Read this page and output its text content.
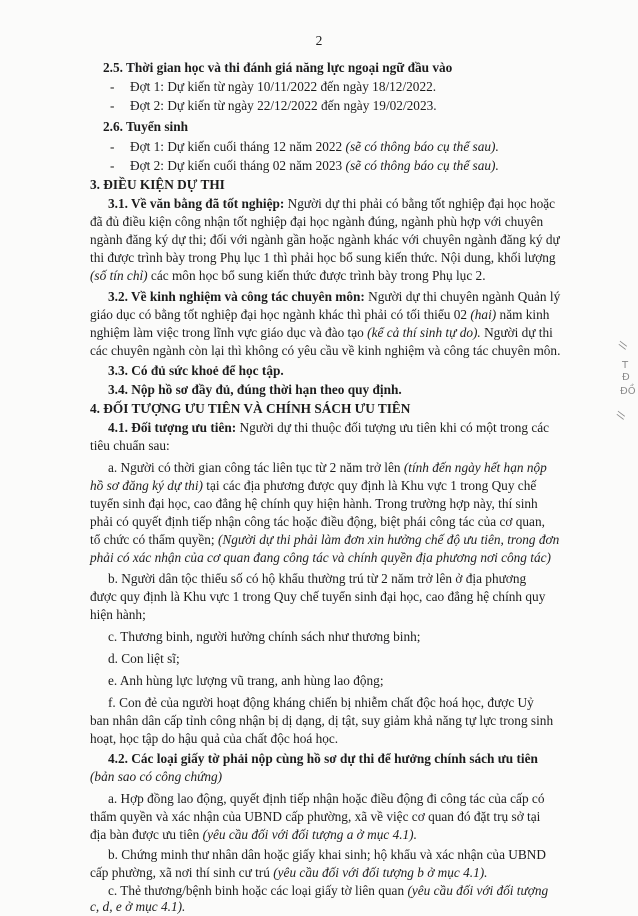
2
//
T
Đ
ĐỒ
//
2.5. Thời gian học và thi đánh giá năng lực ngoại ngữ đầu vào
- Đợt 1: Dự kiến từ ngày 10/11/2022 đến ngày 18/12/2022.
- Đợt 2: Dự kiến từ ngày 22/12/2022 đến ngày 19/02/2023.
2.6. Tuyển sinh
- Đợt 1: Dự kiến cuối tháng 12 năm 2022 (sẽ có thông báo cụ thể sau).
- Đợt 2: Dự kiến cuối tháng 02 năm 2023 (sẽ có thông báo cụ thể sau).
3. ĐIỀU KIỆN DỰ THI
3.1. Về văn bằng đã tốt nghiệp: Người dự thi phải có bằng tốt nghiệp đại học hoặc
đã đủ điều kiện công nhận tốt nghiệp đại học ngành đúng, ngành phù hợp với chuyên
ngành đăng ký dự thi; đối với ngành gần hoặc ngành khác với chuyên ngành đăng ký dự
thi được trình bày trong Phụ lục 1 thì phải học bổ sung kiến thức. Nội dung, khối lượng
(số tín chỉ) các môn học bổ sung kiến thức được trình bày trong Phụ lục 2.
3.2. Về kinh nghiệm và công tác chuyên môn: Người dự thi chuyên ngành Quản lý
giáo dục có bằng tốt nghiệp đại học ngành khác thì phải có tối thiểu 02 (hai) năm kinh
nghiệm làm việc trong lĩnh vực giáo dục và đào tạo (kể cả thí sinh tự do). Người dự thi
các chuyên ngành còn lại thì không có yêu cầu về kinh nghiệm và công tác chuyên môn.
3.3. Có đủ sức khoẻ để học tập.
3.4. Nộp hồ sơ đầy đủ, đúng thời hạn theo quy định.
4. ĐỐI TƯỢNG ƯU TIÊN VÀ CHÍNH SÁCH ƯU TIÊN
4.1. Đối tượng ưu tiên: Người dự thi thuộc đối tượng ưu tiên khi có một trong các
tiêu chuẩn sau:
a. Người có thời gian công tác liên tục từ 2 năm trở lên (tính đến ngày hết hạn nộp
hồ sơ đăng ký dự thi) tại các địa phương được quy định là Khu vực 1 trong Quy chế
tuyển sinh đại học, cao đẳng hệ chính quy hiện hành. Trong trường hợp này, thí sinh
phải có quyết định tiếp nhận công tác hoặc điều động, biệt phái công tác của cơ quan,
tổ chức có thẩm quyền; (Người dự thi phải làm đơn xin hưởng chế độ ưu tiên, trong đơn
phải có xác nhận của cơ quan đang công tác và chính quyền địa phương nơi công tác)
b. Người dân tộc thiểu số có hộ khẩu thường trú từ 2 năm trở lên ở địa phương
được quy định là Khu vực 1 trong Quy chế tuyển sinh đại học, cao đẳng hệ chính quy
hiện hành;
c. Thương binh, người hưởng chính sách như thương binh;
d. Con liệt sĩ;
e. Anh hùng lực lượng vũ trang, anh hùng lao động;
f. Con đẻ của người hoạt động kháng chiến bị nhiễm chất độc hoá học, được Uỷ
ban nhân dân cấp tỉnh công nhận bị dị dạng, dị tật, suy giảm khả năng tự lực trong sinh
hoạt, học tập do hậu quả của chất độc hoá học.
4.2. Các loại giấy tờ phải nộp cùng hồ sơ dự thi để hưởng chính sách ưu tiên
(bản sao có công chứng)
a. Hợp đồng lao động, quyết định tiếp nhận hoặc điều động đi công tác của cấp có
thẩm quyền và xác nhận của UBND cấp phường, xã về việc cơ quan đó đặt trụ sở tại
địa bàn được ưu tiên (yêu cầu đối với đối tượng a ở mục 4.1).
b. Chứng minh thư nhân dân hoặc giấy khai sinh; hộ khẩu và xác nhận của UBND
cấp phường, xã nơi thí sinh cư trú (yêu cầu đối với đối tượng b ở mục 4.1).
c. Thẻ thương/bệnh binh hoặc các loại giấy tờ liên quan (yêu cầu đối với đối tượng
c, d, e ở mục 4.1).
